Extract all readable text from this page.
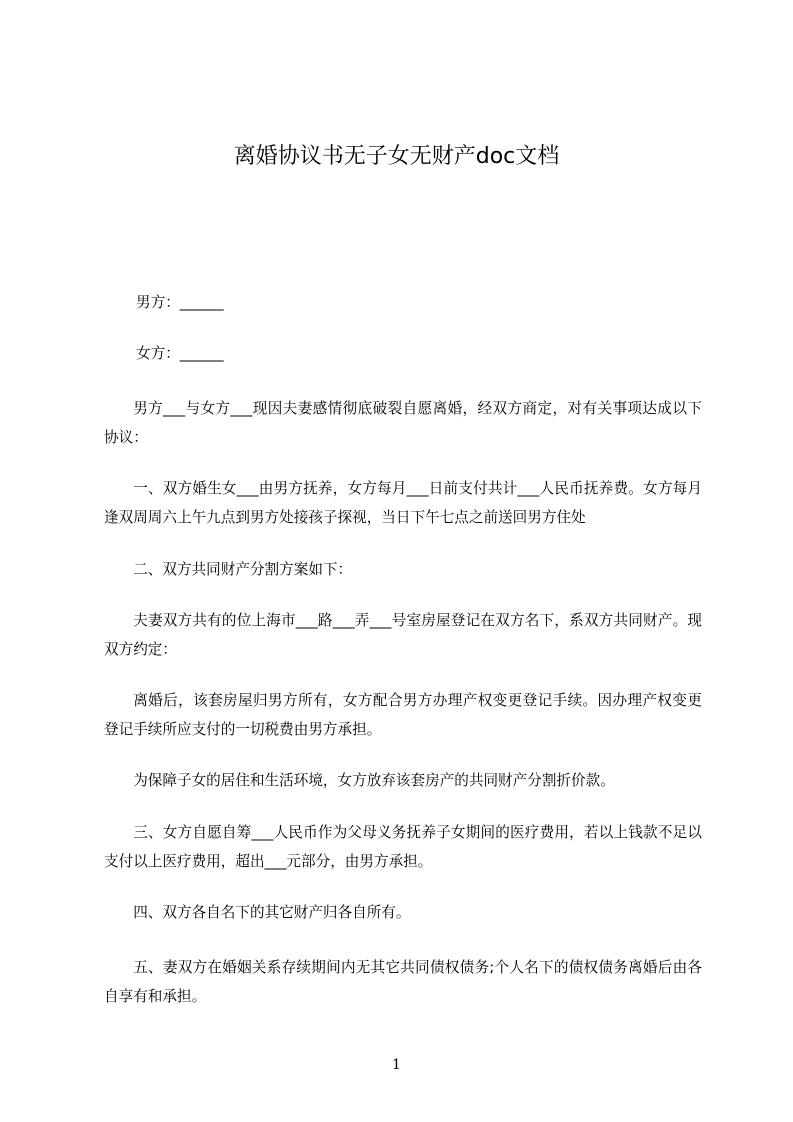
离婚协议书无子女无财产doc文档
男方：______
女方：______
男方___与女方___现因夫妻感情彻底破裂自愿离婚，经双方商定，对有关事项达成以下协议：
一、双方婚生女___由男方抚养，女方每月___日前支付共计___人民币抚养费。女方每月逢双周周六上午九点到男方处接孩子探视，当日下午七点之前送回男方住处
二、双方共同财产分割方案如下：
夫妻双方共有的位上海市___路___弄___号室房屋登记在双方名下，系双方共同财产。现双方约定：
离婚后，该套房屋归男方所有，女方配合男方办理产权变更登记手续。因办理产权变更登记手续所应支付的一切税费由男方承担。
为保障子女的居住和生活环境，女方放弃该套房产的共同财产分割折价款。
三、女方自愿自筹___人民币作为父母义务抚养子女期间的医疗费用，若以上钱款不足以支付以上医疗费用，超出___元部分，由男方承担。
四、双方各自名下的其它财产归各自所有。
五、妻双方在婚姻关系存续期间内无其它共同债权债务;个人名下的债权债务离婚后由各自享有和承担。
1
